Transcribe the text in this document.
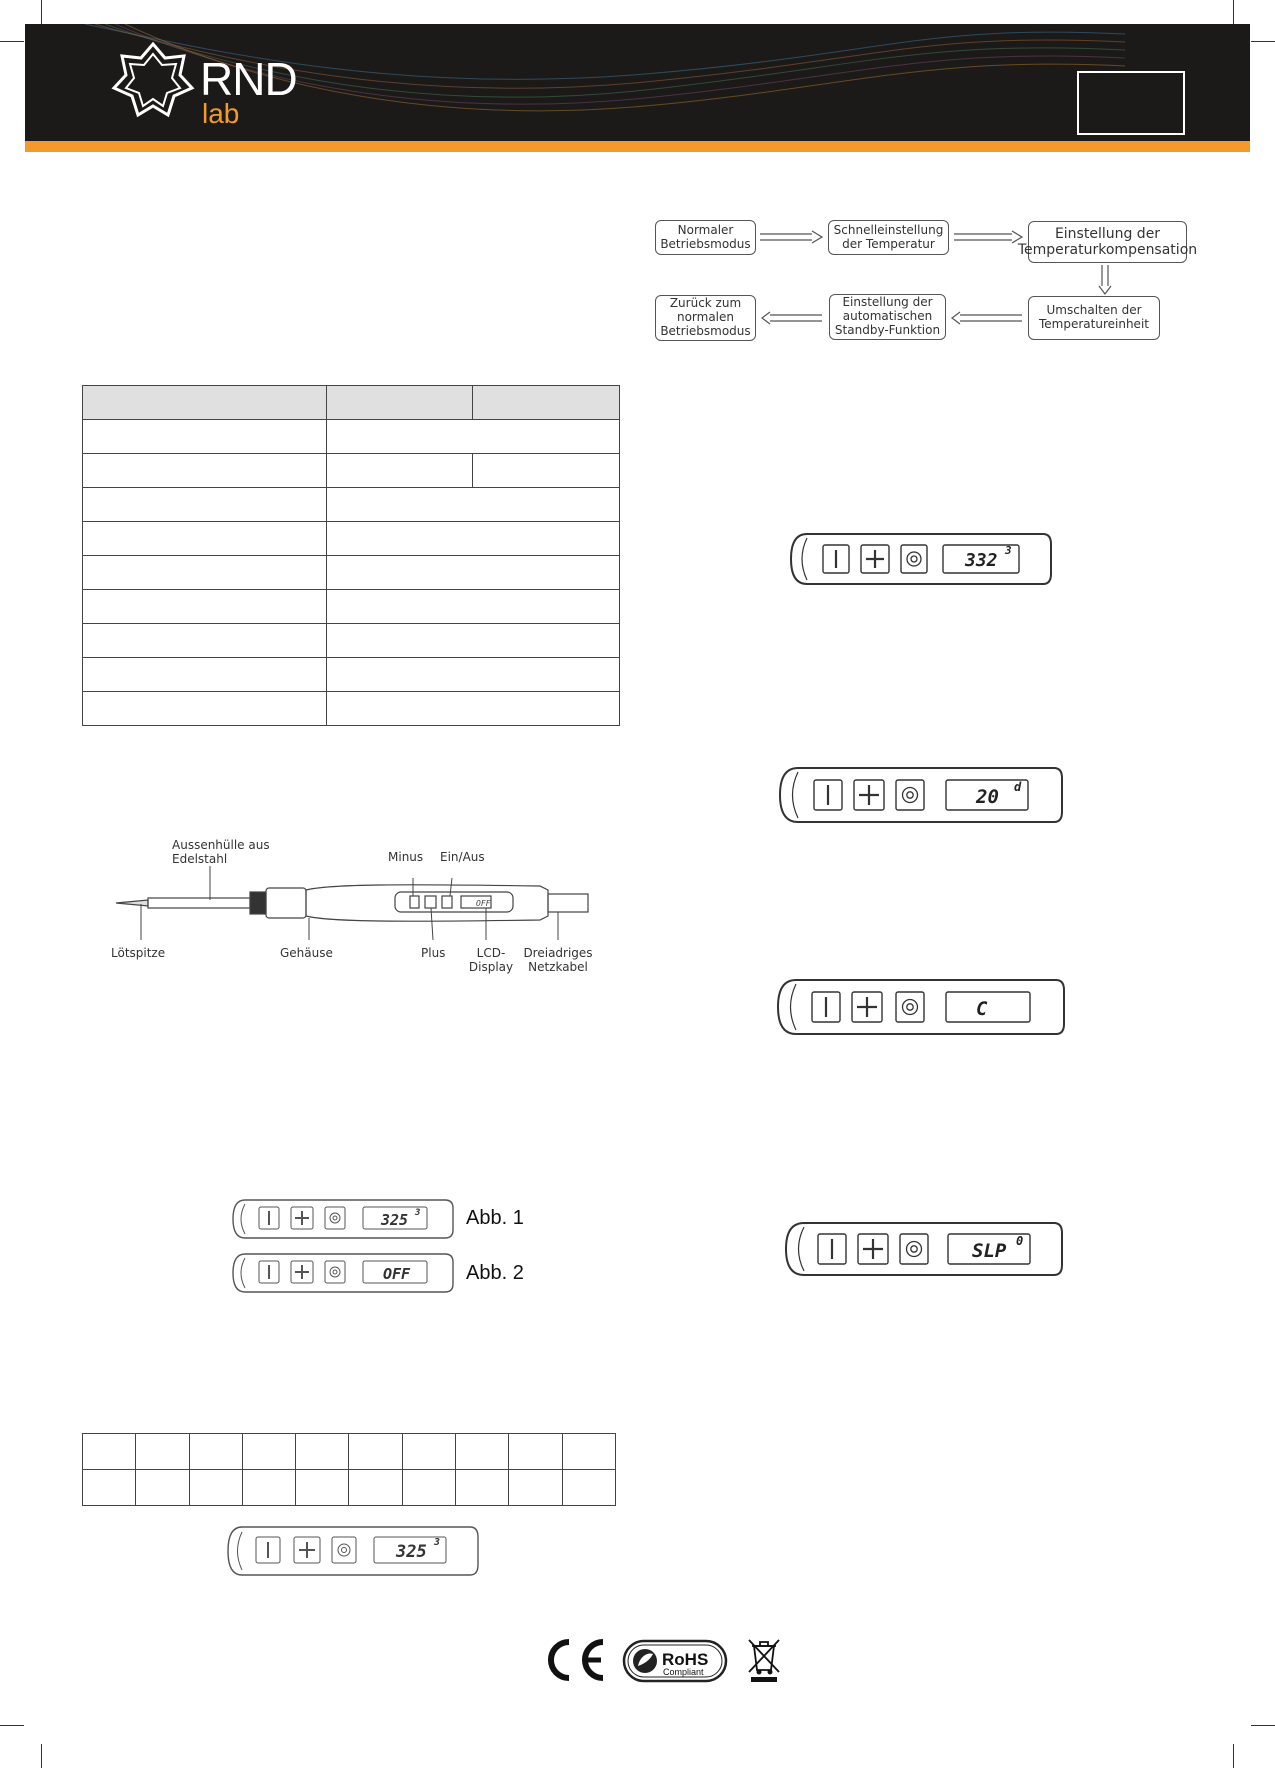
RND
lab
Normaler Betriebsmodus
Schnelleinstellung der Temperatur
Einstellung der Temperaturkompensation
Umschalten der Temperatureinheit
Einstellung der automatischen Standby-Funktion
Zurück zum normalen Betriebsmodus

OFF
Aussenhülle aus Edelstahl	Minus Ein/Aus
Lötspitze	Gehäuse	Plus	LCD-Display
Dreiadriges Netzkabel
325 3 Abb. 1
OFF	Abb. 2

325 3
332 3
20 d
C
SLP 0
RoHS
Compliant
